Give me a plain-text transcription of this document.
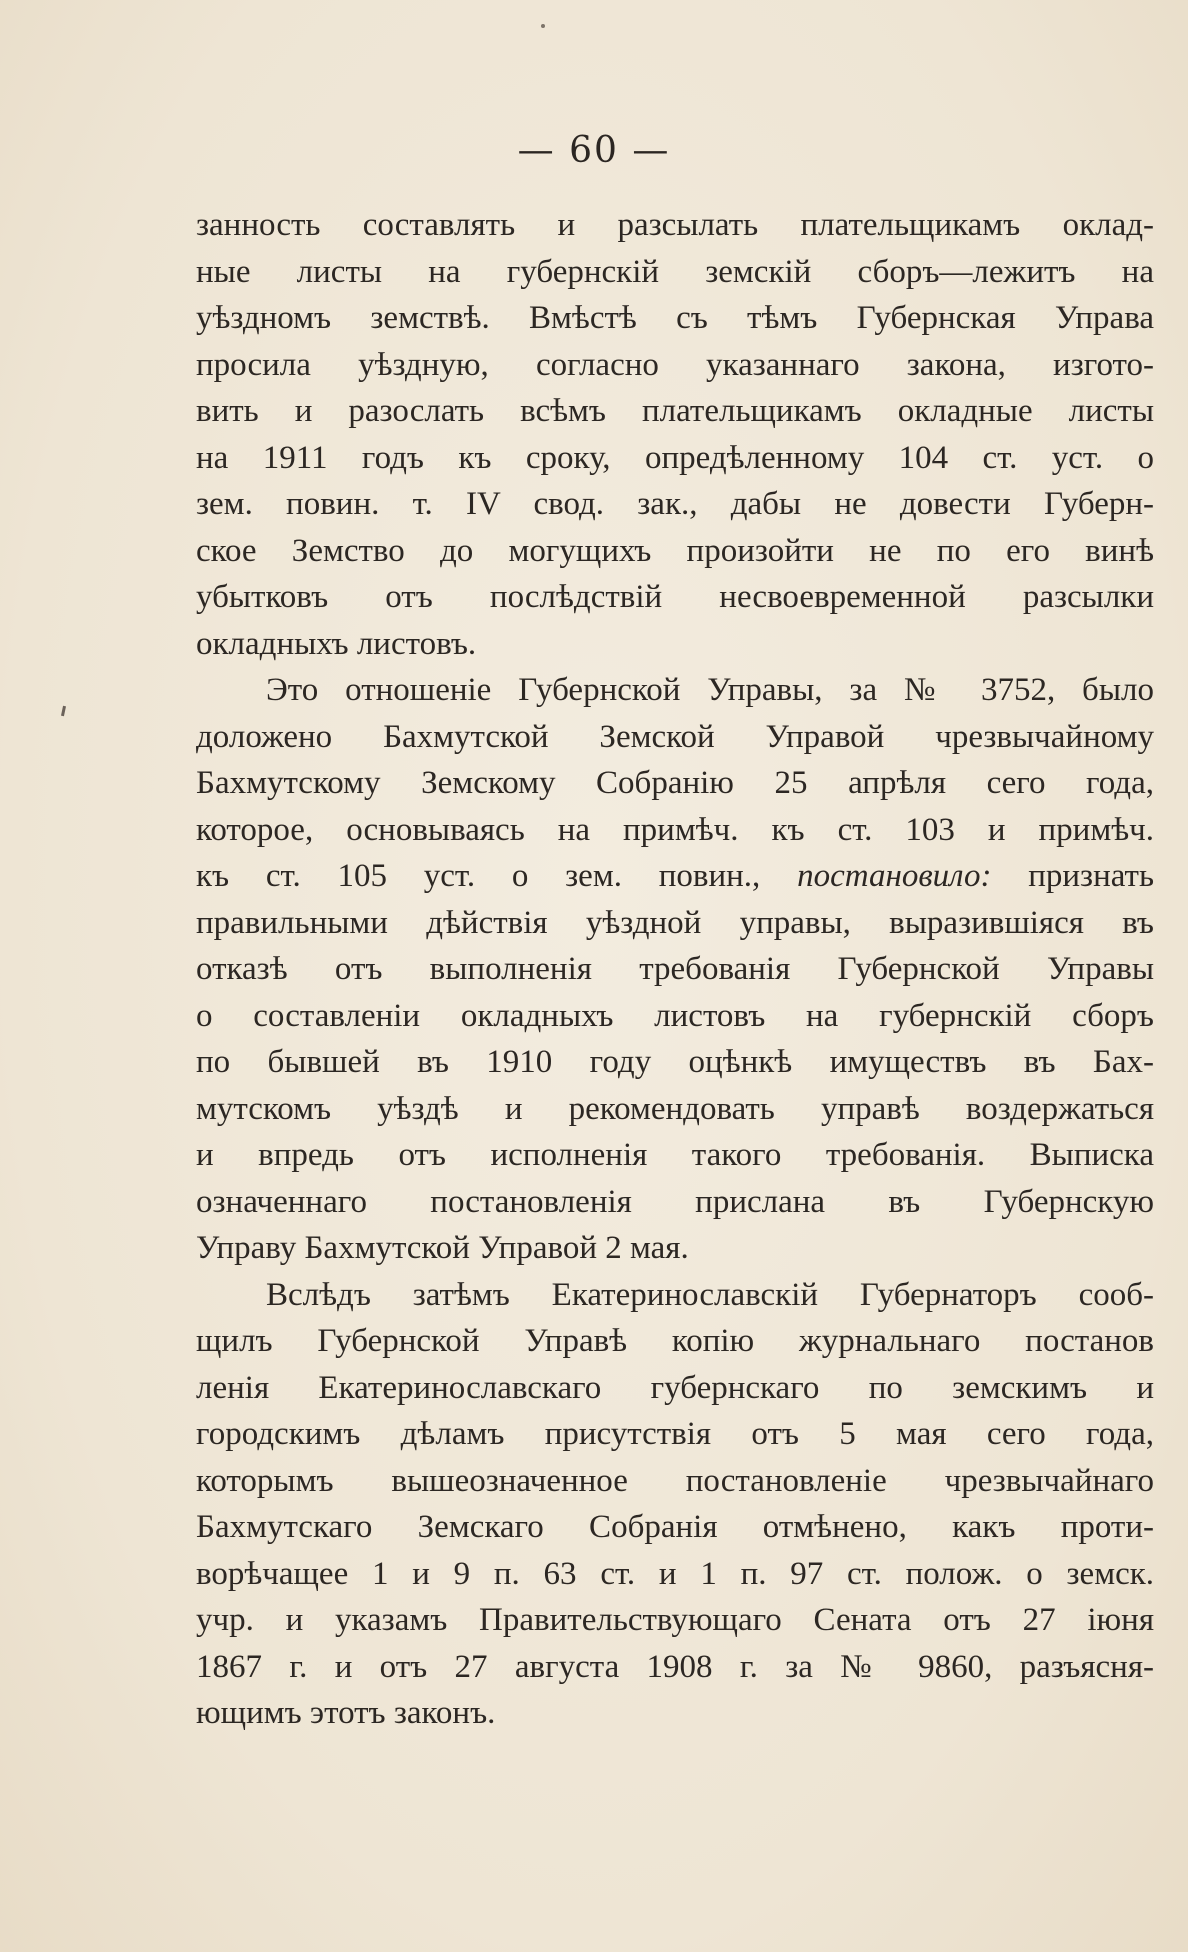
— 60 —
занность составлять и разсылать плательщикамъ оклад-
ные листы на губернскій земскій сборъ—лежитъ на
уѣздномъ земствѣ. Вмѣстѣ съ тѣмъ Губернская Управа
просила уѣздную, согласно указаннаго закона, изгото-
вить и разослать всѣмъ плательщикамъ окладные листы
на 1911 годъ къ сроку, опредѣленному 104 ст. уст. о
зем. повин. т. IV свод. зак., дабы не довести Губерн-
ское Земство до могущихъ произойти не по его винѣ
убытковъ отъ послѣдствій несвоевременной разсылки
окладныхъ листовъ.
Это отношеніе Губернской Управы, за № 3752, было
доложено Бахмутской Земской Управой чрезвычайному
Бахмутскому Земскому Собранію 25 апрѣля сего года,
которое, основываясь на примѣч. къ ст. 103 и примѣч.
къ ст. 105 уст. о зем. повин., постановило: признать
правильными дѣйствія уѣздной управы, выразившіяся въ
отказѣ отъ выполненія требованія Губернской Управы
о составленіи окладныхъ листовъ на губернскій сборъ
по бывшей въ 1910 году оцѣнкѣ имуществъ въ Бах-
мутскомъ уѣздѣ и рекомендовать управѣ воздержаться
и впредь отъ исполненія такого требованія. Выписка
означеннаго постановленія прислана въ Губернскую
Управу Бахмутской Управой 2 мая.
Вслѣдъ затѣмъ Екатеринославскій Губернаторъ сооб-
щилъ Губернской Управѣ копію журнальнаго постанов
ленія Екатеринославскаго губернскаго по земскимъ и
городскимъ дѣламъ присутствія отъ 5 мая сего года,
которымъ вышеозначенное постановленіе чрезвычайнаго
Бахмутскаго Земскаго Собранія отмѣнено, какъ проти-
ворѣчащее 1 и 9 п. 63 ст. и 1 п. 97 ст. полож. о земск.
учр. и указамъ Правительствующаго Сената отъ 27 іюня
1867 г. и отъ 27 августа 1908 г. за № 9860, разъясня-
ющимъ этотъ законъ.
